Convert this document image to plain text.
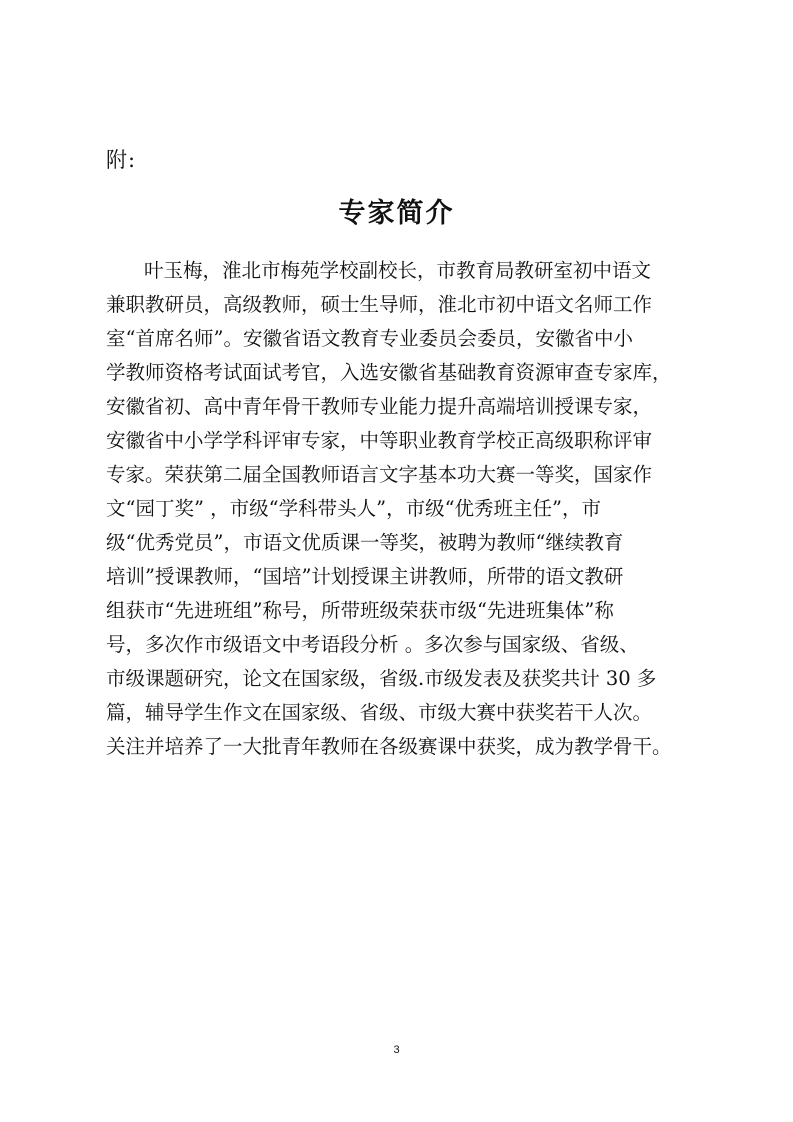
附:
专家简介
叶玉梅，淮北市梅苑学校副校长，市教育局教研室初中语文
兼职教研员，高级教师，硕士生导师，淮北市初中语文名师工作
室“首席名师”。安徽省语文教育专业委员会委员，安徽省中小
学教师资格考试面试考官，入选安徽省基础教育资源审查专家库，
安徽省初、高中青年骨干教师专业能力提升高端培训授课专家，
安徽省中小学学科评审专家，中等职业教育学校正高级职称评审
专家。荣获第二届全国教师语言文字基本功大赛一等奖，国家作
文“园丁奖” ，市级“学科带头人”，市级“优秀班主任”，市
级“优秀党员”，市语文优质课一等奖，被聘为教师“继续教育
培训”授课教师，“国培”计划授课主讲教师，所带的语文教研
组获市“先进班组”称号，所带班级荣获市级“先进班集体”称
号，多次作市级语文中考语段分析 。多次参与国家级、省级、
市级课题研究，论文在国家级，省级.市级发表及获奖共计 30 多
篇，辅导学生作文在国家级、省级、市级大赛中获奖若干人次。
关注并培养了一大批青年教师在各级赛课中获奖，成为教学骨干。
3
